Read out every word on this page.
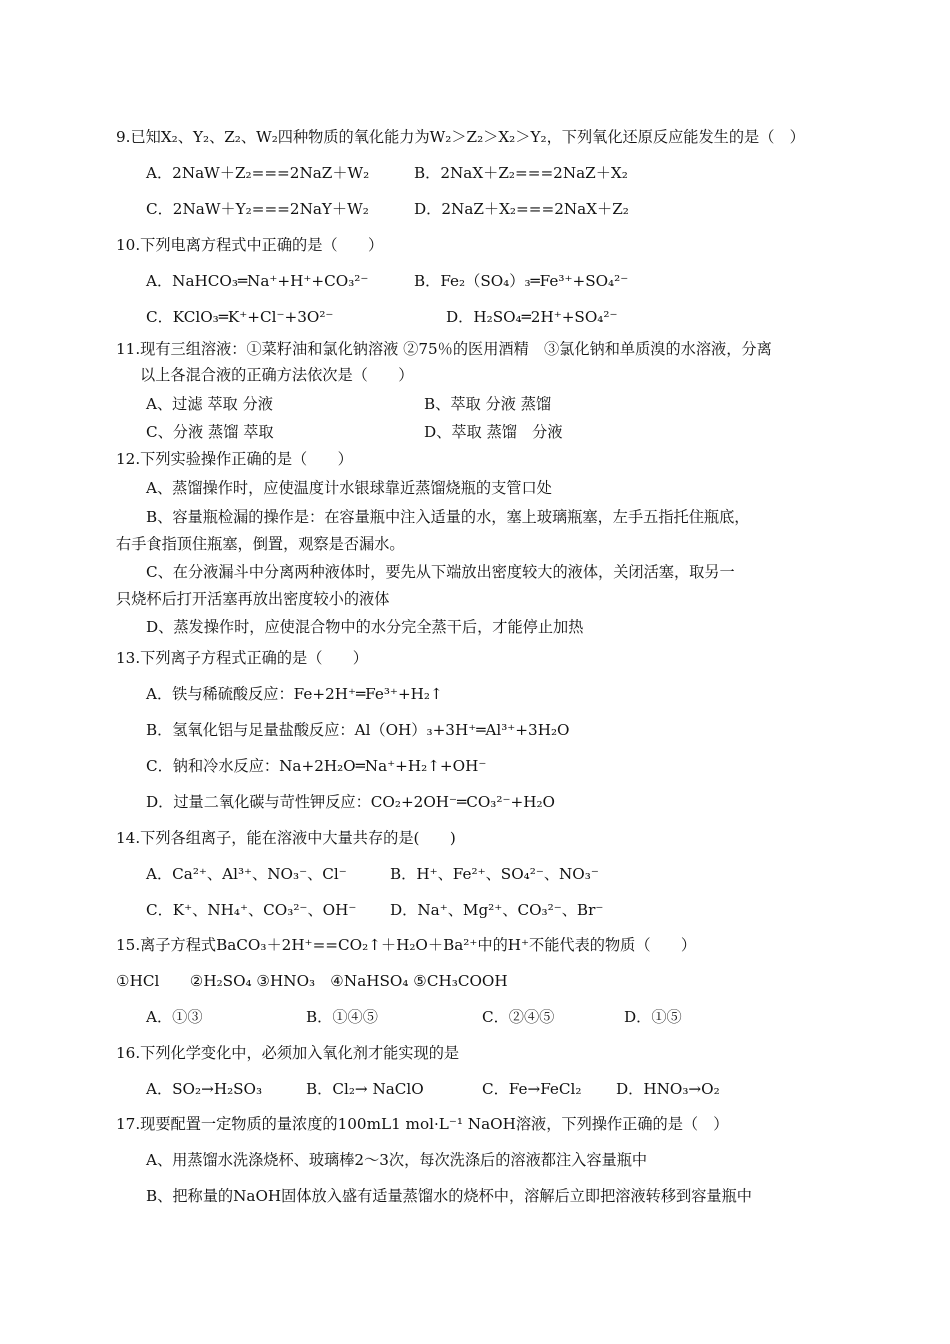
9.已知X₂、Y₂、Z₂、W₂四种物质的氧化能力为W₂＞Z₂＞X₂＞Y₂，下列氧化还原反应能发生的是（　）
A．2NaW＋Z₂===2NaZ＋W₂	B．2NaX＋Z₂===2NaZ＋X₂
C．2NaW＋Y₂===2NaY＋W₂	D．2NaZ＋X₂===2NaX＋Z₂
10.下列电离方程式中正确的是（　　）
A．NaHCO₃═Na⁺+H⁺+CO₃²⁻	B．Fe₂（SO₄）₃═Fe³⁺+SO₄²⁻
C．KClO₃═K⁺+Cl⁻+3O²⁻	D．H₂SO₄═2H⁺+SO₄²⁻
11.现有三组溶液：①菜籽油和氯化钠溶液 ②75％的医用酒精　③氯化钠和单质溴的水溶液，分离
以上各混合液的正确方法依次是（　　）
A、过滤 萃取 分液	B、萃取 分液 蒸馏
C、分液 蒸馏 萃取	D、萃取 蒸馏　分液
12.下列实验操作正确的是（　　）
A、蒸馏操作时，应使温度计水银球靠近蒸馏烧瓶的支管口处
B、容量瓶检漏的操作是：在容量瓶中注入适量的水，塞上玻璃瓶塞，左手五指托住瓶底，
右手食指顶住瓶塞，倒置，观察是否漏水。
C、在分液漏斗中分离两种液体时，要先从下端放出密度较大的液体，关闭活塞，取另一
只烧杯后打开活塞再放出密度较小的液体
D、蒸发操作时，应使混合物中的水分完全蒸干后，才能停止加热
13.下列离子方程式正确的是（　　）
A．铁与稀硫酸反应：Fe+2H⁺═Fe³⁺+H₂↑
B．氢氧化铝与足量盐酸反应：Al（OH）₃+3H⁺═Al³⁺+3H₂O
C．钠和冷水反应：Na+2H₂O═Na⁺+H₂↑+OH⁻
D．过量二氧化碳与苛性钾反应：CO₂+2OH⁻═CO₃²⁻+H₂O
14.下列各组离子，能在溶液中大量共存的是(　　)
A．Ca²⁺、Al³⁺、NO₃⁻、Cl⁻	B．H⁺、Fe²⁺、SO₄²⁻、NO₃⁻
C．K⁺、NH₄⁺、CO₃²⁻、OH⁻ D．Na⁺、Mg²⁺、CO₃²⁻、Br⁻
15.离子方程式BaCO₃＋2H⁺==CO₂↑＋H₂O＋Ba²⁺中的H⁺不能代表的物质（　　）
①HCl　　②H₂SO₄ ③HNO₃　④NaHSO₄ ⑤CH₃COOH
A．①③	B．①④⑤	C．②④⑤	D．①⑤
16.下列化学变化中，必须加入氧化剂才能实现的是
A．SO₂→H₂SO₃	B．Cl₂→ NaClO	C．Fe→FeCl₂ D．HNO₃→O₂
17.现要配置一定物质的量浓度的100mL1 mol·L⁻¹ NaOH溶液，下列操作正确的是（　）
A、用蒸馏水洗涤烧杯、玻璃棒2～3次，每次洗涤后的溶液都注入容量瓶中
B、把称量的NaOH固体放入盛有适量蒸馏水的烧杯中，溶解后立即把溶液转移到容量瓶中
